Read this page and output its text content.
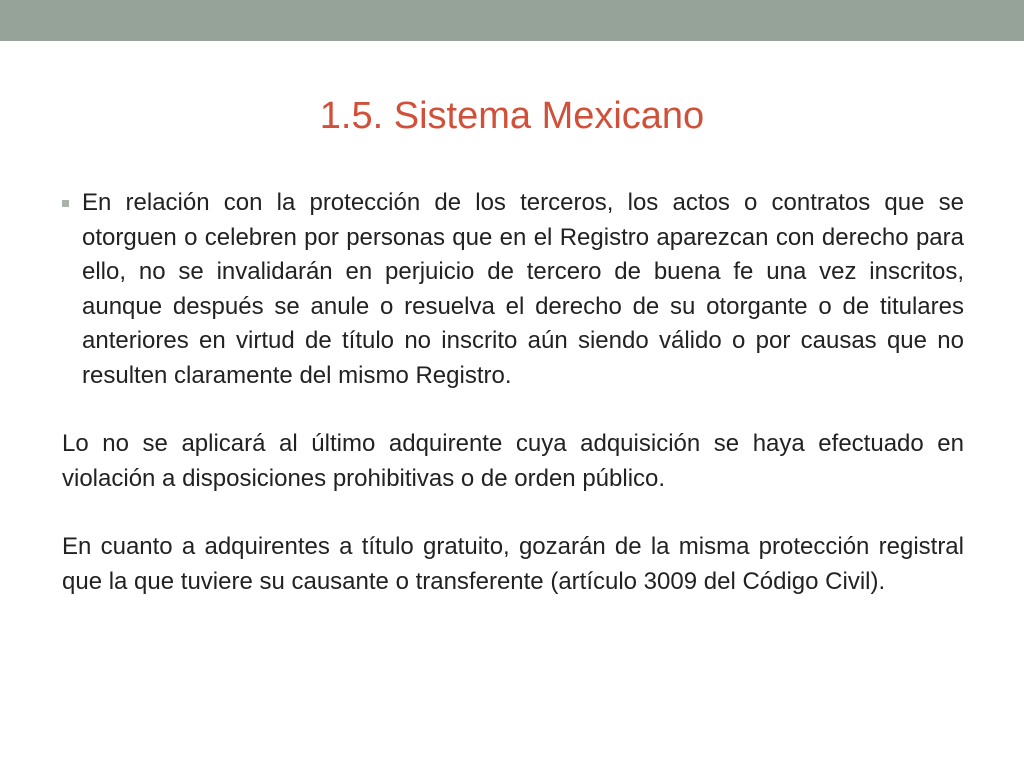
1.5. Sistema Mexicano

En relación con la protección de los terceros, los actos o contratos que se otorguen o celebren por personas que en el Registro aparezcan con derecho para ello, no se invalidarán en perjuicio de tercero de buena fe una vez inscritos, aunque después se anule o resuelva el derecho de su otorgante o de titulares anteriores en virtud de título no inscrito aún siendo válido o por causas que no resulten claramente del mismo Registro.

Lo no se aplicará al último adquirente cuya adquisición se haya efectuado en violación a disposiciones prohibitivas o de orden público.

En cuanto a adquirentes a título gratuito, gozarán de la misma protección registral que la que tuviere su causante o transferente (artículo 3009 del Código Civil).
